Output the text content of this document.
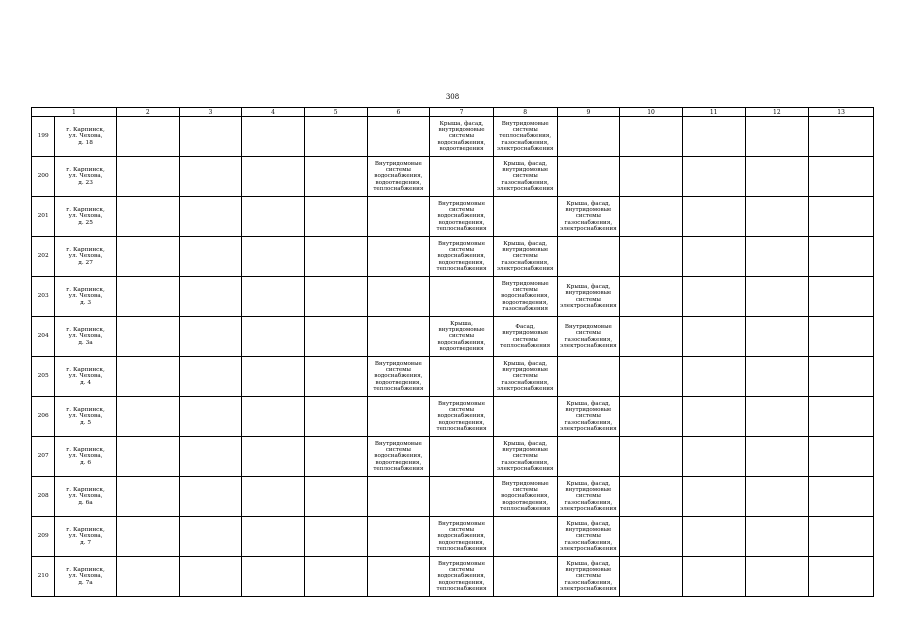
308
1		2	3	4	5	6	7	8	9	10	11	12	13

199	г. Карпинск,
ул. Чехова,
д. 18						Крыша, фасад,
внутридомовые
системы
водоснабжения,
водоотведения	Внутридомовые
системы
теплоснабжения,
газоснабжения,
электроснабжения					

200	г. Карпинск,
ул. Чехова,
д. 23					Внутридомовые
системы
водоснабжения,
водоотведения,
теплоснабжения		Крыша, фасад,
внутридомовые
системы
газоснабжения,
электроснабжения					

201	г. Карпинск,
ул. Чехова,
д. 25						Внутридомовые
системы
водоснабжения,
водоотведения,
теплоснабжения		Крыша, фасад,
внутридомовые
системы
газоснабжения,
электроснабжения				

202	г. Карпинск,
ул. Чехова,
д. 27						Внутридомовые
системы
водоснабжения,
водоотведения,
теплоснабжения	Крыша, фасад,
внутридомовые
системы
газоснабжения,
электроснабжения					

203	г. Карпинск,
ул. Чехова,
д. 3							Внутридомовые
системы
водоснабжения,
водоотведения,
газоснабжения	Крыша, фасад,
внутридомовые
системы
электроснабжения				

204	г. Карпинск,
ул. Чехова,
д. 3а						Крыша,
внутридомовые
системы
водоснабжения,
водоотведения	Фасад,
внутридомовые
системы
теплоснабжения	Внутридомовые
системы
газоснабжения,
электроснабжения				

205	г. Карпинск,
ул. Чехова,
д. 4					Внутридомовые
системы
водоснабжения,
водоотведения,
теплоснабжения		Крыша, фасад,
внутридомовые
системы
газоснабжения,
электроснабжения					

206	г. Карпинск,
ул. Чехова,
д. 5						Внутридомовые
системы
водоснабжения,
водоотведения,
теплоснабжения		Крыша, фасад,
внутридомовые
системы
газоснабжения,
электроснабжения				

207	г. Карпинск,
ул. Чехова,
д. 6					Внутридомовые
системы
водоснабжения,
водоотведения,
теплоснабжения		Крыша, фасад,
внутридомовые
системы
газоснабжения,
электроснабжения					

208	г. Карпинск,
ул. Чехова,
д. 6а							Внутридомовые
системы
водоснабжения,
водоотведения,
теплоснабжения	Крыша, фасад,
внутридомовые
системы
газоснабжения,
электроснабжения				

209	г. Карпинск,
ул. Чехова,
д. 7						Внутридомовые
системы
водоснабжения,
водоотведения,
теплоснабжения		Крыша, фасад,
внутридомовые
системы
газоснабжения,
электроснабжения				

210	г. Карпинск,
ул. Чехова,
д. 7а						Внутридомовые
системы
водоснабжения,
водоотведения,
теплоснабжения		Крыша, фасад,
внутридомовые
системы
газоснабжения,
электроснабжения				
